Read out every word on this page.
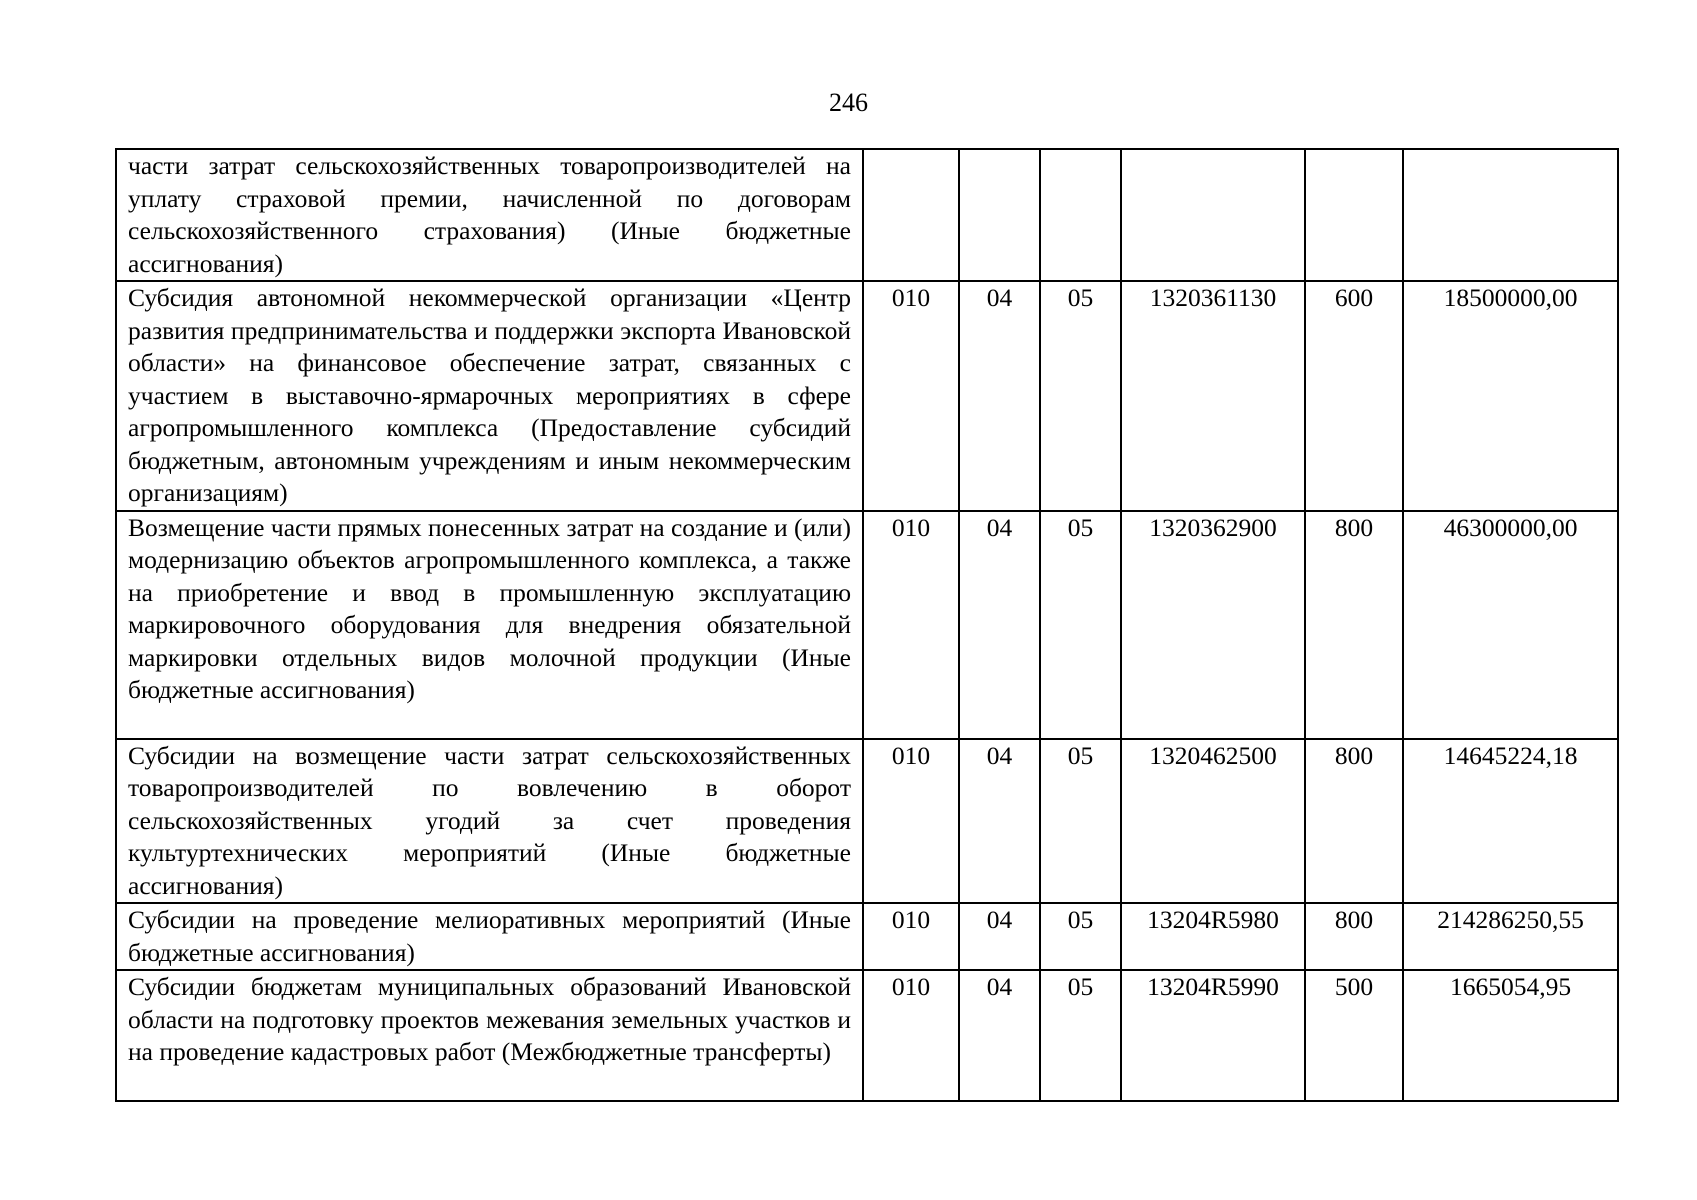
246
части затрат сельскохозяйственных товаропроизводителей на уплату страховой премии, начисленной по договорам сельскохозяйственного страхования) (Иные бюджетные ассигнования)						
Субсидия автономной некоммерческой организации «Центр развития предпринимательства и поддержки экспорта Ивановской области» на финансовое обеспечение затрат, связанных с участием в выставочно-ярмарочных мероприятиях в сфере агропромышленного комплекса (Предоставление субсидий бюджетным, автономным учреждениям и иным некоммерческим организациям)	010	04	05	1320361130	600	18500000,00
Возмещение части прямых понесенных затрат на создание и (или) модернизацию объектов агропромышленного комплекса, а также на приобретение и ввод в промышленную эксплуатацию маркировочного оборудования для внедрения обязательной маркировки отдельных видов молочной продукции (Иные бюджетные ассигнования)	010	04	05	1320362900	800	46300000,00
Субсидии на возмещение части затрат сельскохозяйственных товаропроизводителей по вовлечению в оборот сельскохозяйственных угодий за счет проведения культуртехнических мероприятий (Иные бюджетные ассигнования)	010	04	05	1320462500	800	14645224,18
Субсидии на проведение мелиоративных мероприятий (Иные бюджетные ассигнования)	010	04	05	13204R5980	800	214286250,55
Субсидии бюджетам муниципальных образований Ивановской области на подготовку проектов межевания земельных участков и на проведение кадастровых работ (Межбюджетные трансферты)	010	04	05	13204R5990	500	1665054,95
